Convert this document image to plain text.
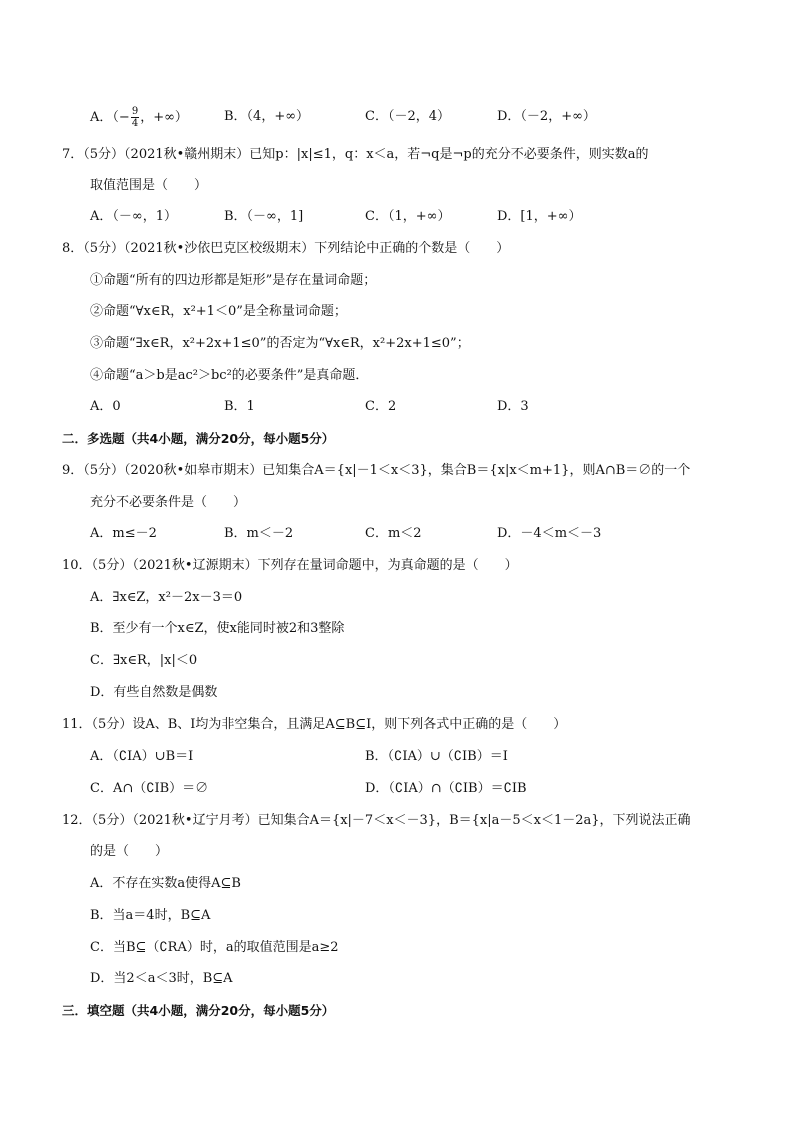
A．（− $\frac{9}{4}$ ，+∞）	B．（4，+∞）	C．（－2，4）	D．（－2，+∞）
7．（5分）（2021秋•赣州期末）已知p：|x|≤1，q：x＜a，若¬q是¬p的充分不必要条件，则实数a的
取值范围是（　　）
A．（－∞，1）	B．（－∞，1]	C．（1，+∞）	D．[1，+∞）
8．（5分）（2021秋•沙依巴克区校级期末）下列结论中正确的个数是（　　）
①命题“所有的四边形都是矩形”是存在量词命题；
②命题“∀x∈R，x²+1＜0”是全称量词命题；
③命题“∃x∈R，x²+2x+1≤0”的否定为“∀x∈R，x²+2x+1≤0”；
④命题“a＞b是ac²＞bc²的必要条件”是真命题．
A．0	B．1	C．2	D．3
二．多选题（共4小题，满分20分，每小题5分）
9．（5分）（2020秋•如皋市期末）已知集合A＝{x|－1＜x＜3}，集合B＝{x|x＜m+1}，则A∩B＝∅的一个
充分不必要条件是（　　）
A．m≤－2	B．m＜－2	C．m＜2	D．－4＜m＜－3
10．（5分）（2021秋•辽源期末）下列存在量词命题中，为真命题的是（　　）
A．∃x∈Z，x²－2x－3＝0
B．至少有一个x∈Z，使x能同时被2和3整除
C．∃x∈R，|x|＜0
D．有些自然数是偶数
11．（5分）设A、B、I均为非空集合，且满足A⊆B⊆I，则下列各式中正确的是（　　）
A．（∁IA）∪B＝I	B．（∁IA）∪（∁IB）＝I
C．A∩（∁IB）＝∅	D．（∁IA）∩（∁IB）＝∁IB
12．（5分）（2021秋•辽宁月考）已知集合A＝{x|－7＜x＜－3}，B＝{x|a－5＜x＜1－2a}，下列说法正确
的是（　　）
A．不存在实数a使得A⊆B
B．当a＝4时，B⊆A
C．当B⊆（∁RA）时，a的取值范围是a≥2
D．当2＜a＜3时，B⊆A
三．填空题（共4小题，满分20分，每小题5分）
